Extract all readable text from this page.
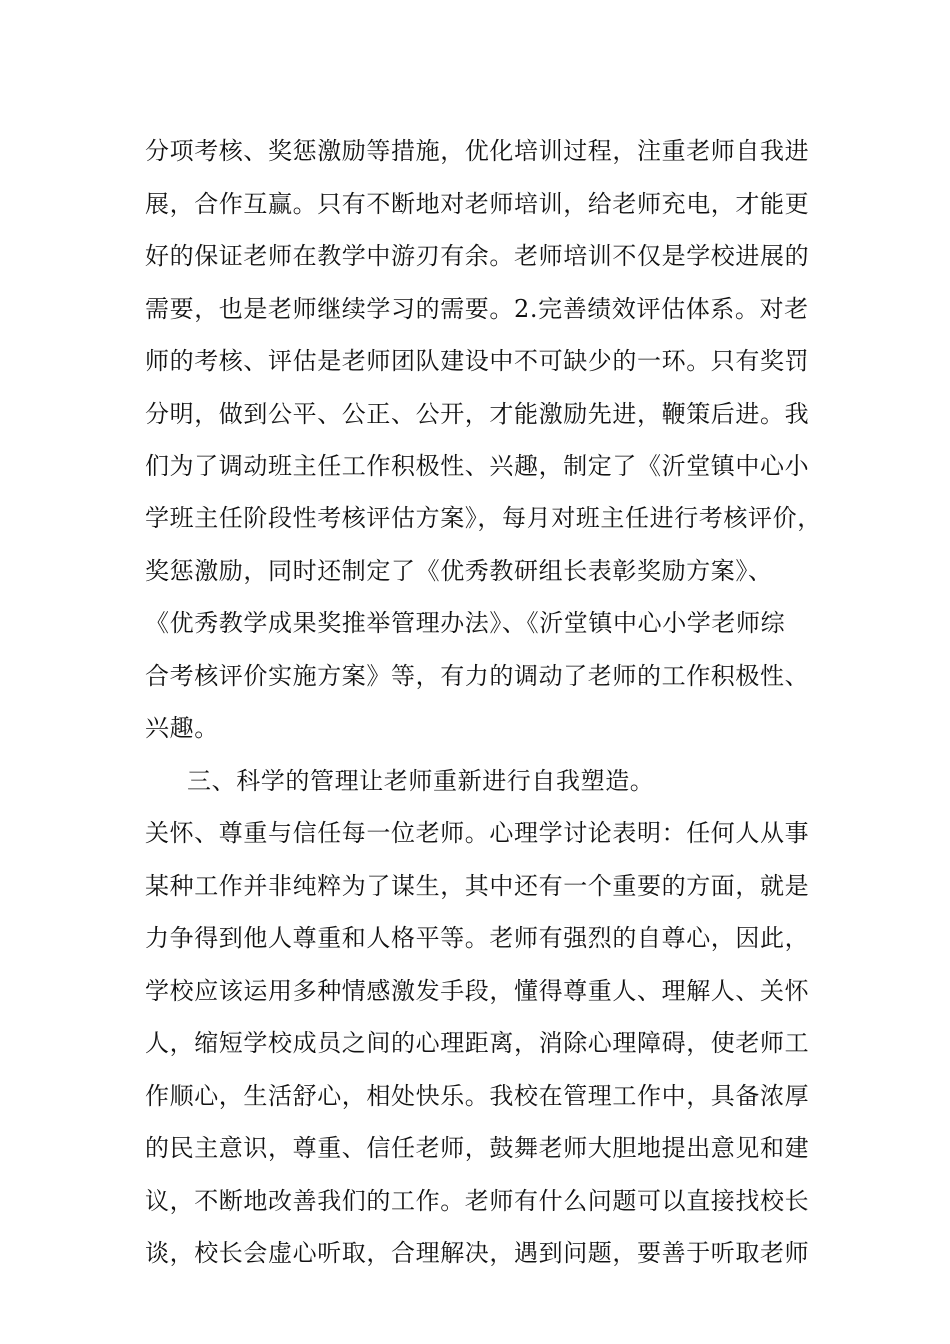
分项考核、奖惩激励等措施，优化培训过程，注重老师自我进

展，合作互赢。只有不断地对老师培训，给老师充电，才能更

好的保证老师在教学中游刃有余。老师培训不仅是学校进展的

需要，也是老师继续学习的需要。2.完善绩效评估体系。对老

师的考核、评估是老师团队建设中不可缺少的一环。只有奖罚

分明，做到公平、公正、公开，才能激励先进，鞭策后进。我

们为了调动班主任工作积极性、兴趣，制定了《沂堂镇中心小

学班主任阶段性考核评估方案》，每月对班主任进行考核评价，

奖惩激励，同时还制定了《优秀教研组长表彰奖励方案》、

《优秀教学成果奖推举管理办法》、《沂堂镇中心小学老师综

合考核评价实施方案》等，有力的调动了老师的工作积极性、

兴趣。

三、科学的管理让老师重新进行自我塑造。

关怀、尊重与信任每一位老师。心理学讨论表明：任何人从事

某种工作并非纯粹为了谋生，其中还有一个重要的方面，就是

力争得到他人尊重和人格平等。老师有强烈的自尊心，因此，

学校应该运用多种情感激发手段，懂得尊重人、理解人、关怀

人，缩短学校成员之间的心理距离，消除心理障碍，使老师工

作顺心，生活舒心，相处快乐。我校在管理工作中，具备浓厚

的民主意识，尊重、信任老师，鼓舞老师大胆地提出意见和建

议，不断地改善我们的工作。老师有什么问题可以直接找校长

谈，校长会虚心听取，合理解决，遇到问题，要善于听取老师
